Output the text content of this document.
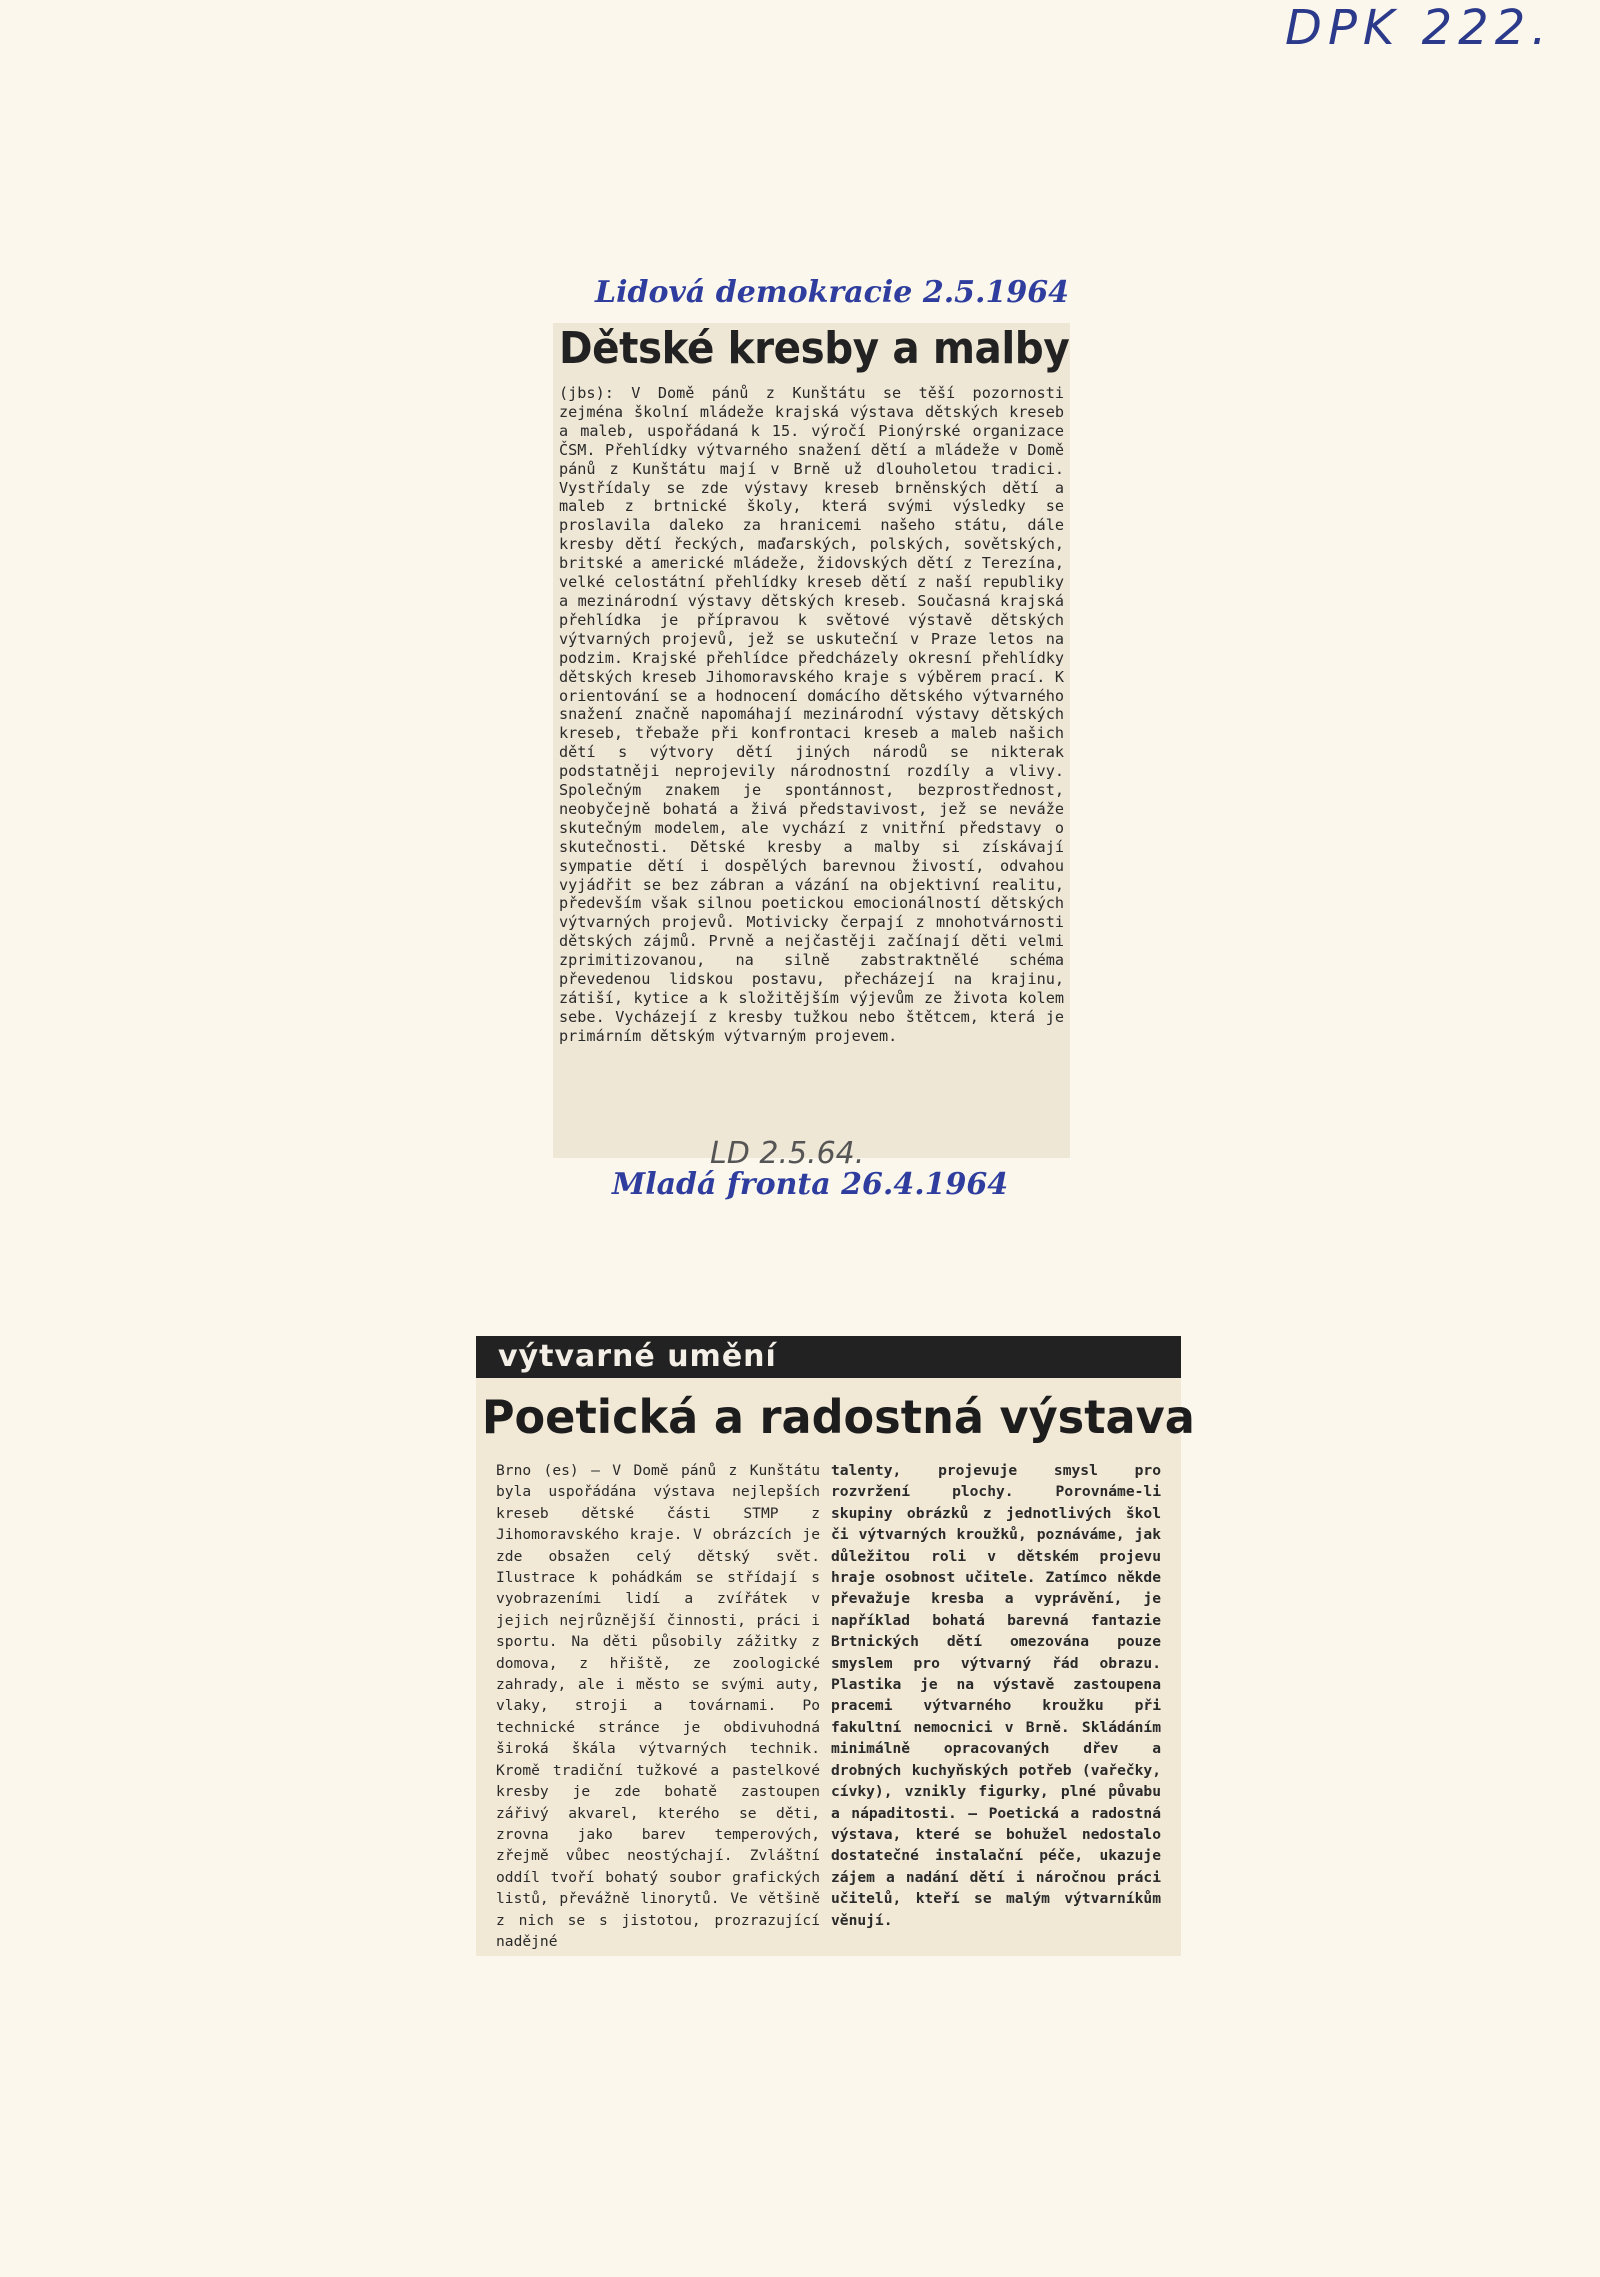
DPK 222.
Lidová demokracie 2.5.1964
Dětské kresby a malby
(jbs): V Domě pánů z Kunštátu se těší pozornosti zejména školní mládeže krajská výstava dětských kreseb a maleb, uspořádaná k 15. výročí Pionýrské organizace ČSM. Přehlídky výtvarného snažení dětí a mládeže v Domě pánů z Kunštátu mají v Brně už dlouholetou tradici. Vystřídaly se zde výstavy kreseb brněnských dětí a maleb z brtnické školy, která svými výsledky se proslavila daleko za hranicemi našeho státu, dále kresby dětí řeckých, maďarských, polských, sovětských, britské a americké mládeže, židovských dětí z Terezína, velké celostátní přehlídky kreseb dětí z naší republiky a mezinárodní výstavy dětských kreseb. Současná krajská přehlídka je přípravou k světové výstavě dětských výtvarných projevů, jež se uskuteční v Praze letos na podzim. Krajské přehlídce předcházely okresní přehlídky dětských kreseb Jihomoravského kraje s výběrem prací. K orientování se a hodnocení domácího dětského výtvarného snažení značně napomáhají mezinárodní výstavy dětských kreseb, třebaže při konfrontaci kreseb a maleb našich dětí s výtvory dětí jiných národů se nikterak podstatněji neprojevily národnostní rozdíly a vlivy. Společným znakem je spontánnost, bezprostřednost, neobyčejně bohatá a živá představivost, jež se neváže skutečným modelem, ale vychází z vnitřní představy o skutečnosti. Dětské kresby a malby si získávají sympatie dětí i dospělých barevnou živostí, odvahou vyjádřit se bez zábran a vázání na objektivní realitu, především však silnou poetickou emocionálností dětských výtvarných projevů. Motivicky čerpají z mnohotvárnosti dětských zájmů. Prvně a nejčastěji začínají děti velmi zprimitizovanou, na silně zabstraktnělé schéma převedenou lidskou postavu, přecházejí na krajinu, zátiší, kytice a k složitějším výjevům ze života kolem sebe. Vycházejí z kresby tužkou nebo štětcem, která je primárním dětským výtvarným projevem.
LD 2.5.64.
Mladá fronta 26.4.1964
výtvarné umění
Poetická a radostná výstava
Brno (es) — V Domě pánů z Kunštátu byla uspořádána výstava nejlepších kreseb dětské části STMP z Jihomoravského kraje. V obrázcích je zde obsažen celý dětský svět. Ilustrace k pohádkám se střídají s vyobrazeními lidí a zvířátek v jejich nejrůznější činnosti, práci i sportu. Na děti působily zážitky z domova, z hřiště, ze zoologické zahrady, ale i město se svými auty, vlaky, stroji a továrnami. Po technické stránce je obdivuhodná široká škála výtvarných technik. Kromě tradiční tužkové a pastelkové kresby je zde bohatě zastoupen zářivý akvarel, kterého se děti, zrovna jako barev temperových, zřejmě vůbec neostýchají. Zvláštní oddíl tvoří bohatý soubor grafických listů, převážně linorytů. Ve většině z nich se s jistotou, prozrazující nadějné
talenty, projevuje smysl pro rozvržení plochy. Porovnáme-li skupiny obrázků z jednotlivých škol či výtvarných kroužků, poznáváme, jak důležitou roli v dětském projevu hraje osobnost učitele. Zatímco někde převažuje kresba a vyprávění, je například bohatá barevná fantazie Brtnických dětí omezována pouze smyslem pro výtvarný řád obrazu. Plastika je na výstavě zastoupena pracemi výtvarného kroužku při fakultní nemocnici v Brně. Skládáním minimálně opracovaných dřev a drobných kuchyňských potřeb (vařečky, cívky), vznikly figurky, plné půvabu a nápaditosti. — Poetická a radostná výstava, které se bohužel nedostalo dostatečné instalační péče, ukazuje zájem a nadání dětí i náročnou práci učitelů, kteří se malým výtvarníkům věnují.
